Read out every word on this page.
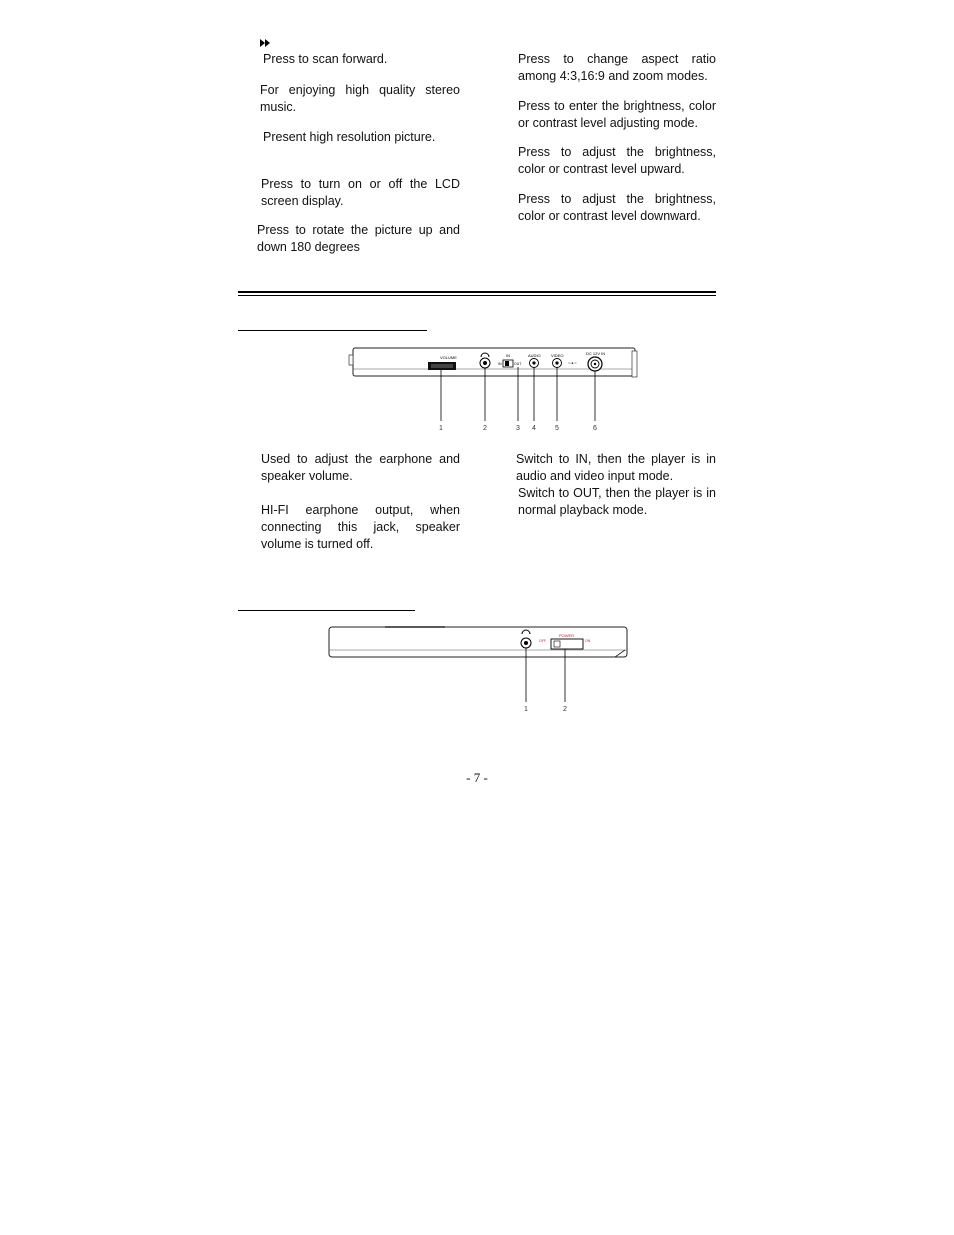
Press to scan forward.
For enjoying high quality stereo music.
Present high resolution picture.
Press to turn on or off the LCD screen display.
Press to rotate the picture up and down 180 degrees
Press to change aspect ratio among 4:3,16:9 and zoom modes.
Press to enter the brightness, color or contrast level adjusting mode.
Press to adjust the brightness, color or contrast level upward.
Press to adjust the brightness, color or contrast level downward.
VOLUME	IN
IN	OUT
AUDIO	VIDEO
○-●-○
DC 12V IN
1	2	3 4	5	6
Used to adjust the earphone and speaker volume.
HI-FI earphone output, when connecting this jack, speaker volume is turned off.
Switch to IN, then the player is in audio and video input mode.
Switch to OUT, then the player is in normal playback mode.
POWER
OFF	ON
1	2
- 7 -
